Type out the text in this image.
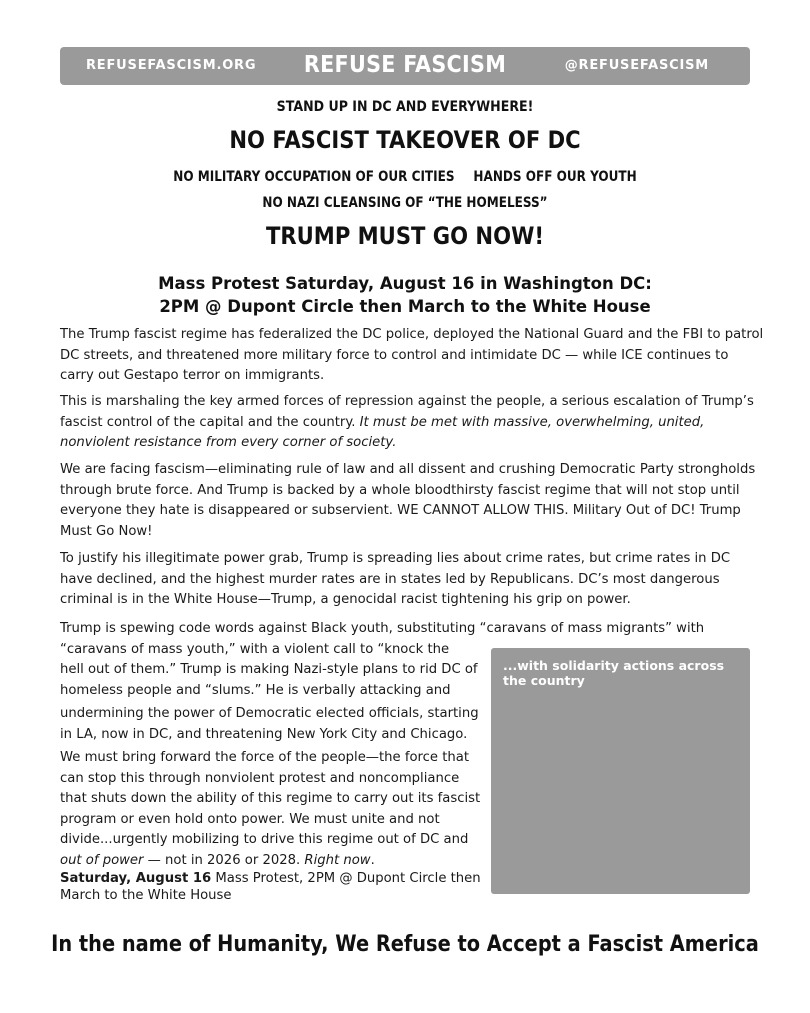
REFUSEFASCISM.ORG	REFUSE FASCISM	@REFUSEFASCISM
STAND UP IN DC AND EVERYWHERE!
NO FASCIST TAKEOVER OF DC
NO MILITARY OCCUPATION OF OUR CITIES HANDS OFF OUR YOUTH
NO NAZI CLEANSING OF “THE HOMELESS”
TRUMP MUST GO NOW!
Mass Protest Saturday, August 16 in Washington DC:
2PM @ Dupont Circle then March to the White House

The Trump fascist regime has federalized the DC police, deployed the National Guard and the FBI to patrol DC streets, and threatened more military force to control and intimidate DC — while ICE continues to carry out Gestapo terror on immigrants.

This is marshaling the key armed forces of repression against the people, a serious escalation of Trump’s fascist control of the capital and the country. It must be met with massive, overwhelming, united, nonviolent resistance from every corner of society.

We are facing fascism—eliminating rule of law and all dissent and crushing Democratic Party strongholds through brute force. And Trump is backed by a whole bloodthirsty fascist regime that will not stop until everyone they hate is disappeared or subservient. WE CANNOT ALLOW THIS. Military Out of DC! Trump Must Go Now!

To justify his illegitimate power grab, Trump is spreading lies about crime rates, but crime rates in DC have declined, and the highest murder rates are in states led by Republicans. DC’s most dangerous criminal is in the White House—Trump, a genocidal racist tightening his grip on power.

Trump is spewing code words against Black youth, substituting “caravans of mass migrants” with “caravans of mass youth,” with a violent call to “knock the

hell out of them.” Trump is making Nazi-style plans to rid DC of homeless people and “slums.” He is verbally attacking and

undermining the power of Democratic elected officials, starting in LA, now in DC, and threatening New York City and Chicago.

We must bring forward the force of the people—the force that can stop this through nonviolent protest and noncompliance that shuts down the ability of this regime to carry out its fascist program or even hold onto power. We must unite and not divide...urgently mobilizing to drive this regime out of DC and out of power — not in 2026 or 2028. Right now.

Saturday, August 16 Mass Protest, 2PM @ Dupont Circle then March to the White House

...with solidarity actions across the country
In the name of Humanity, We Refuse to Accept a Fascist America
